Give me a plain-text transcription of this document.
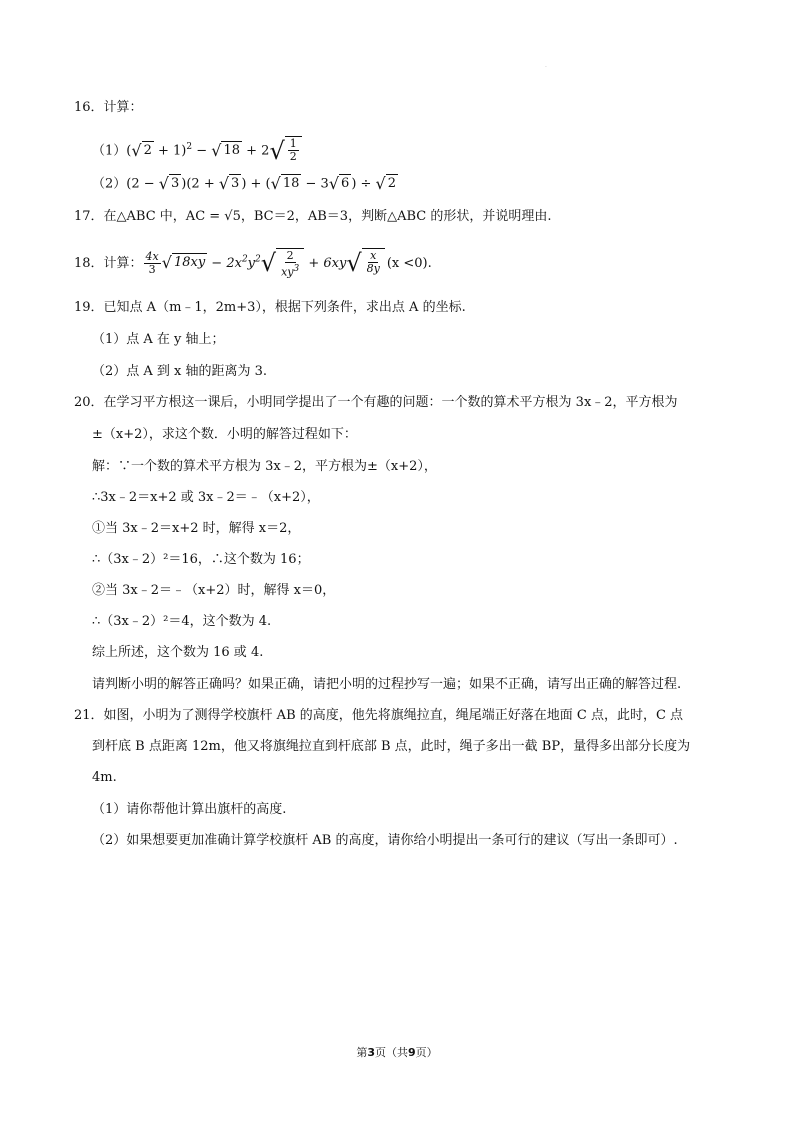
.
16．计算：
（1）( √ 2 + 1)$^2$ − √ 18 + 2 √ $\frac{1}{2}$
（2）(2 − √ 3 )(2 + √ 3 ) + ( √ 18 − 3 √ 6 ) ÷ √ 2
17．在△ABC 中，AC = √5，BC＝2，AB＝3，判断△ABC 的形状，并说明理由.
18．计算： $\frac{4x}{3}$ √ $18xy - 2x^2y^2$ √ $\frac{2}{xy^3} + 6xy$ √ $\frac{x}{8y} (x <0)$.
19．已知点 A（m﹣1，2m+3），根据下列条件，求出点 A 的坐标.
（1）点 A 在 y 轴上；
（2）点 A 到 x 轴的距离为 3.
20．在学习平方根这一课后，小明同学提出了一个有趣的问题：一个数的算术平方根为 3x﹣2，平方根为
±（x+2），求这个数．小明的解答过程如下：
解：∵一个数的算术平方根为 3x﹣2，平方根为±（x+2），
∴3x﹣2＝x+2 或 3x﹣2＝﹣（x+2），
①当 3x﹣2＝x+2 时，解得 x＝2，
∴（3x﹣2）²＝16，∴这个数为 16；
②当 3x﹣2＝﹣（x+2）时，解得 x＝0，
∴（3x﹣2）²＝4，这个数为 4.
综上所述，这个数为 16 或 4.
请判断小明的解答正确吗？如果正确，请把小明的过程抄写一遍；如果不正确，请写出正确的解答过程.
21．如图，小明为了测得学校旗杆 AB 的高度，他先将旗绳拉直，绳尾端正好落在地面 C 点，此时，C 点
到杆底 B 点距离 12m，他又将旗绳拉直到杆底部 B 点，此时，绳子多出一截 BP，量得多出部分长度为
4m.
（1）请你帮他计算出旗杆的高度.
（2）如果想要更加准确计算学校旗杆 AB 的高度，请你给小明提出一条可行的建议（写出一条即可）.
第3页（共9页）
